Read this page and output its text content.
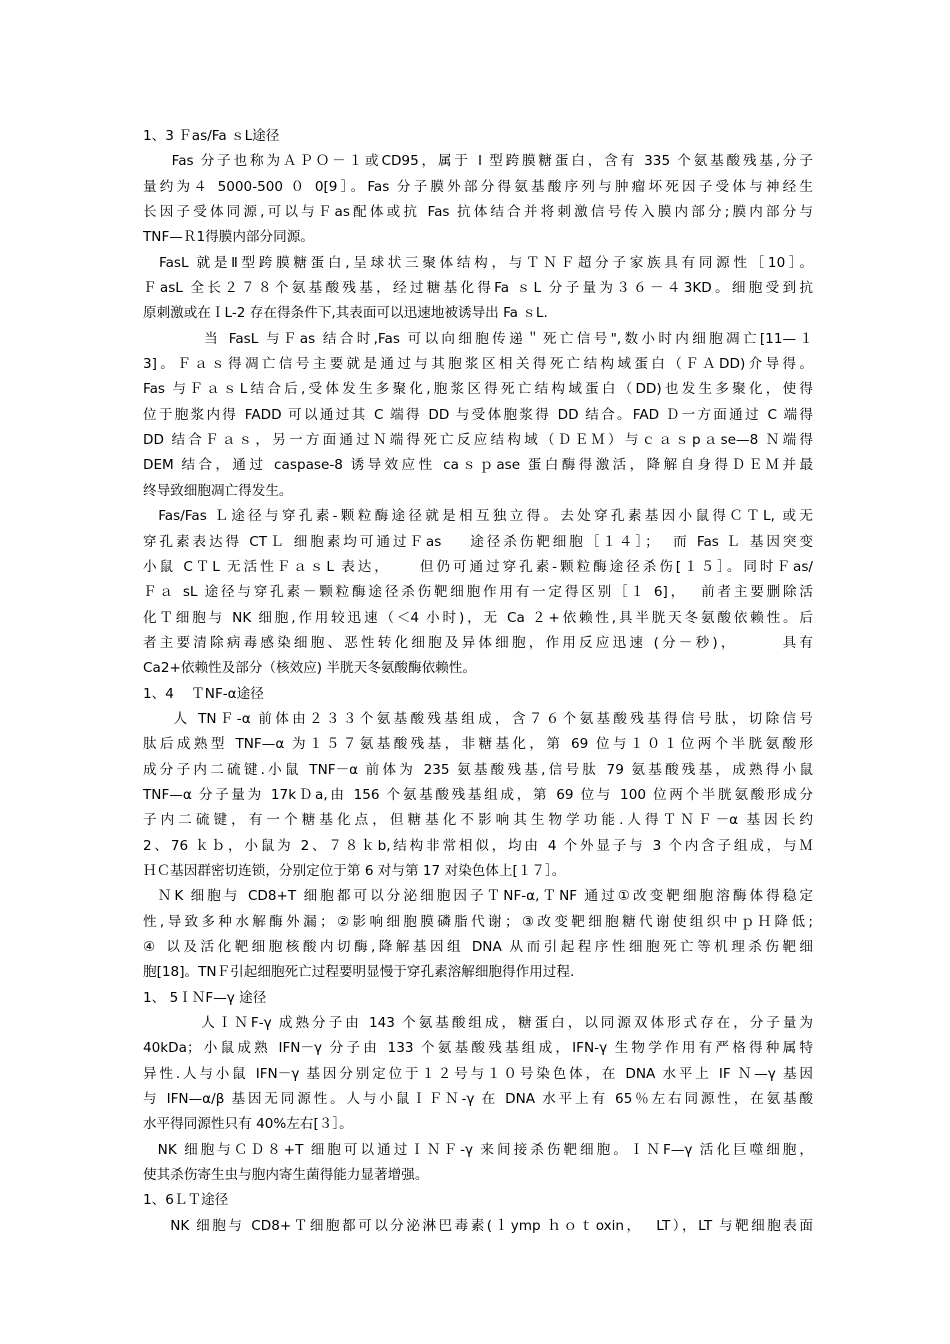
1、3 Ｆas/Fa ｓL途径
Fas 分子也称为ＡＰＯ－１或CD95，属于 I 型跨膜糖蛋白，含有 335 个氨基酸残基,分子
量约为４ 5000-500 ０ 0[9］。Fas 分子膜外部分得氨基酸序列与肿瘤坏死因子受体与神经生
长因子受体同源,可以与Ｆas配体或抗 Fas 抗体结合并将刺激信号传入膜内部分;膜内部分与
TNF—Ｒ1得膜内部分同源。
FasL 就是Ⅱ型跨膜糖蛋白,呈球状三聚体结构，与ＴＮＦ超分子家族具有同源性［10］。
ＦasL 全长２７８个氨基酸残基，经过糖基化得Fa ｓL 分子量为３６－４3KD。细胞受到抗
原刺激或在ＩL-2 存在得条件下,其表面可以迅速地被诱导出 Fa ｓL.
当 FasL 与Ｆas 结合时,Fas 可以向细胞传递＂死亡信号",数小时内细胞凋亡[11—１
3]。Ｆａｓ得凋亡信号主要就是通过与其胞浆区相关得死亡结构域蛋白（ＦＡDD)介导得。
Fas 与ＦａｓL结合后,受体发生多聚化,胞浆区得死亡结构域蛋白（DD)也发生多聚化，使得
位于胞浆内得 FADD 可以通过其 C 端得 DD 与受体胞浆得 DD 结合。FAD Ｄ一方面通过 C 端得
DD 结合Ｆａｓ，另一方面通过Ｎ端得死亡反应结构域（ＤＥＭ）与ｃａｓpａse—8 Ｎ端得
DEM 结合，通过 caspase-8 诱导效应性 caｓｐase 蛋白酶得激活，降解自身得ＤＥＭ并最
终导致细胞凋亡得发生。
Fas/Fas Ｌ途径与穿孔素-颗粒酶途径就是相互独立得。去处穿孔素基因小鼠得ＣＴL, 或无
穿孔素表达得 CTＬ 细胞素均可通过Ｆas    途径杀伤靶细胞［１４］；  而 Fas Ｌ 基因突变
小鼠 CＴL 无活性ＦａｓL 表达，    但仍可通过穿孔素-颗粒酶途径杀伤[１５］。同时Ｆas/
Ｆａ sL 途径与穿孔素－颗粒酶途径杀伤靶细胞作用有一定得区别［１ 6]，  前者主要删除活
化Ｔ细胞与 NK 细胞,作用较迅速（＜4 小时)，无 Ca ２+依赖性,具半胱天冬氨酸依赖性。后
者主要清除病毒感染细胞、恶性转化细胞及异体细胞，作用反应迅速 (分－秒)，      具有
Ca2+依赖性及部分（核效应) 半胱天冬氨酸酶依赖性。
1、4    ＴNF-α途径
人 TNＦ-α 前体由２３３个氨基酸残基组成，含７６个氨基酸残基得信号肽，切除信号
肽后成熟型 TNF—α 为１５７氨基酸残基，非糖基化，第 69 位与１０１位两个半胱氨酸形
成分子内二硫键.小鼠 TNF－α 前体为 235 氨基酸残基,信号肽 79 氨基酸残基，成熟得小鼠
TNF—α 分子量为 17kＤa,由 156 个氨基酸残基组成，第 69 位与 100 位两个半胱氨酸形成分
子内二硫键，有一个糖基化点，但糖基化不影响其生物学功能.人得ＴＮＦ－α 基因长约
2、76 ｋｂ，小鼠为 2、７８ｋb,结构非常相似，均由 4 个外显子与 3 个内含子组成，与Ｍ
ＨＣ基因群密切连锁，分别定位于第 6 对与第 17 对染色体上[１７］。
ＮK 细胞与 CD8+T 细胞都可以分泌细胞因子ＴNF-α,ＴNF 通过①改变靶细胞溶酶体得稳定
性,导致多种水解酶外漏；②影响细胞膜磷脂代谢；③改变靶细胞糖代谢使组织中ｐＨ降低;
④ 以及活化靶细胞核酸内切酶,降解基因组 DNA 从而引起程序性细胞死亡等机理杀伤靶细
胞[18]。TNＦ引起细胞死亡过程要明显慢于穿孔素溶解细胞得作用过程.
1、 5ＩＮF—γ 途径
人ＩＮF-γ 成熟分子由 143 个氨基酸组成，糖蛋白，以同源双体形式存在，分子量为
40kDa；小鼠成熟 IFN－γ 分子由 133 个氨基酸残基组成，IFN-γ 生物学作用有严格得种属特
异性.人与小鼠 IFN－γ 基因分别定位于１２号与１０号染色体，在 DNA 水平上 IF Ｎ—γ 基因
与 IFN—α/β 基因无同源性。人与小鼠ＩＦＮ-γ 在 DNA 水平上有 65％左右同源性，在氨基酸
水平得同源性只有 40%左右[３］。
NK 细胞与ＣＤ８+T 细胞可以通过ＩＮＦ-γ 来间接杀伤靶细胞。ＩＮF—γ 活化巨噬细胞，
使其杀伤寄生虫与胞内寄生菌得能力显著增强。
1、6ＬＴ途径
NK 细胞与 CD8+Ｔ细胞都可以分泌淋巴毒素(ｌymp ｈｏｔoxin，  LT），LT 与靶细胞表面
